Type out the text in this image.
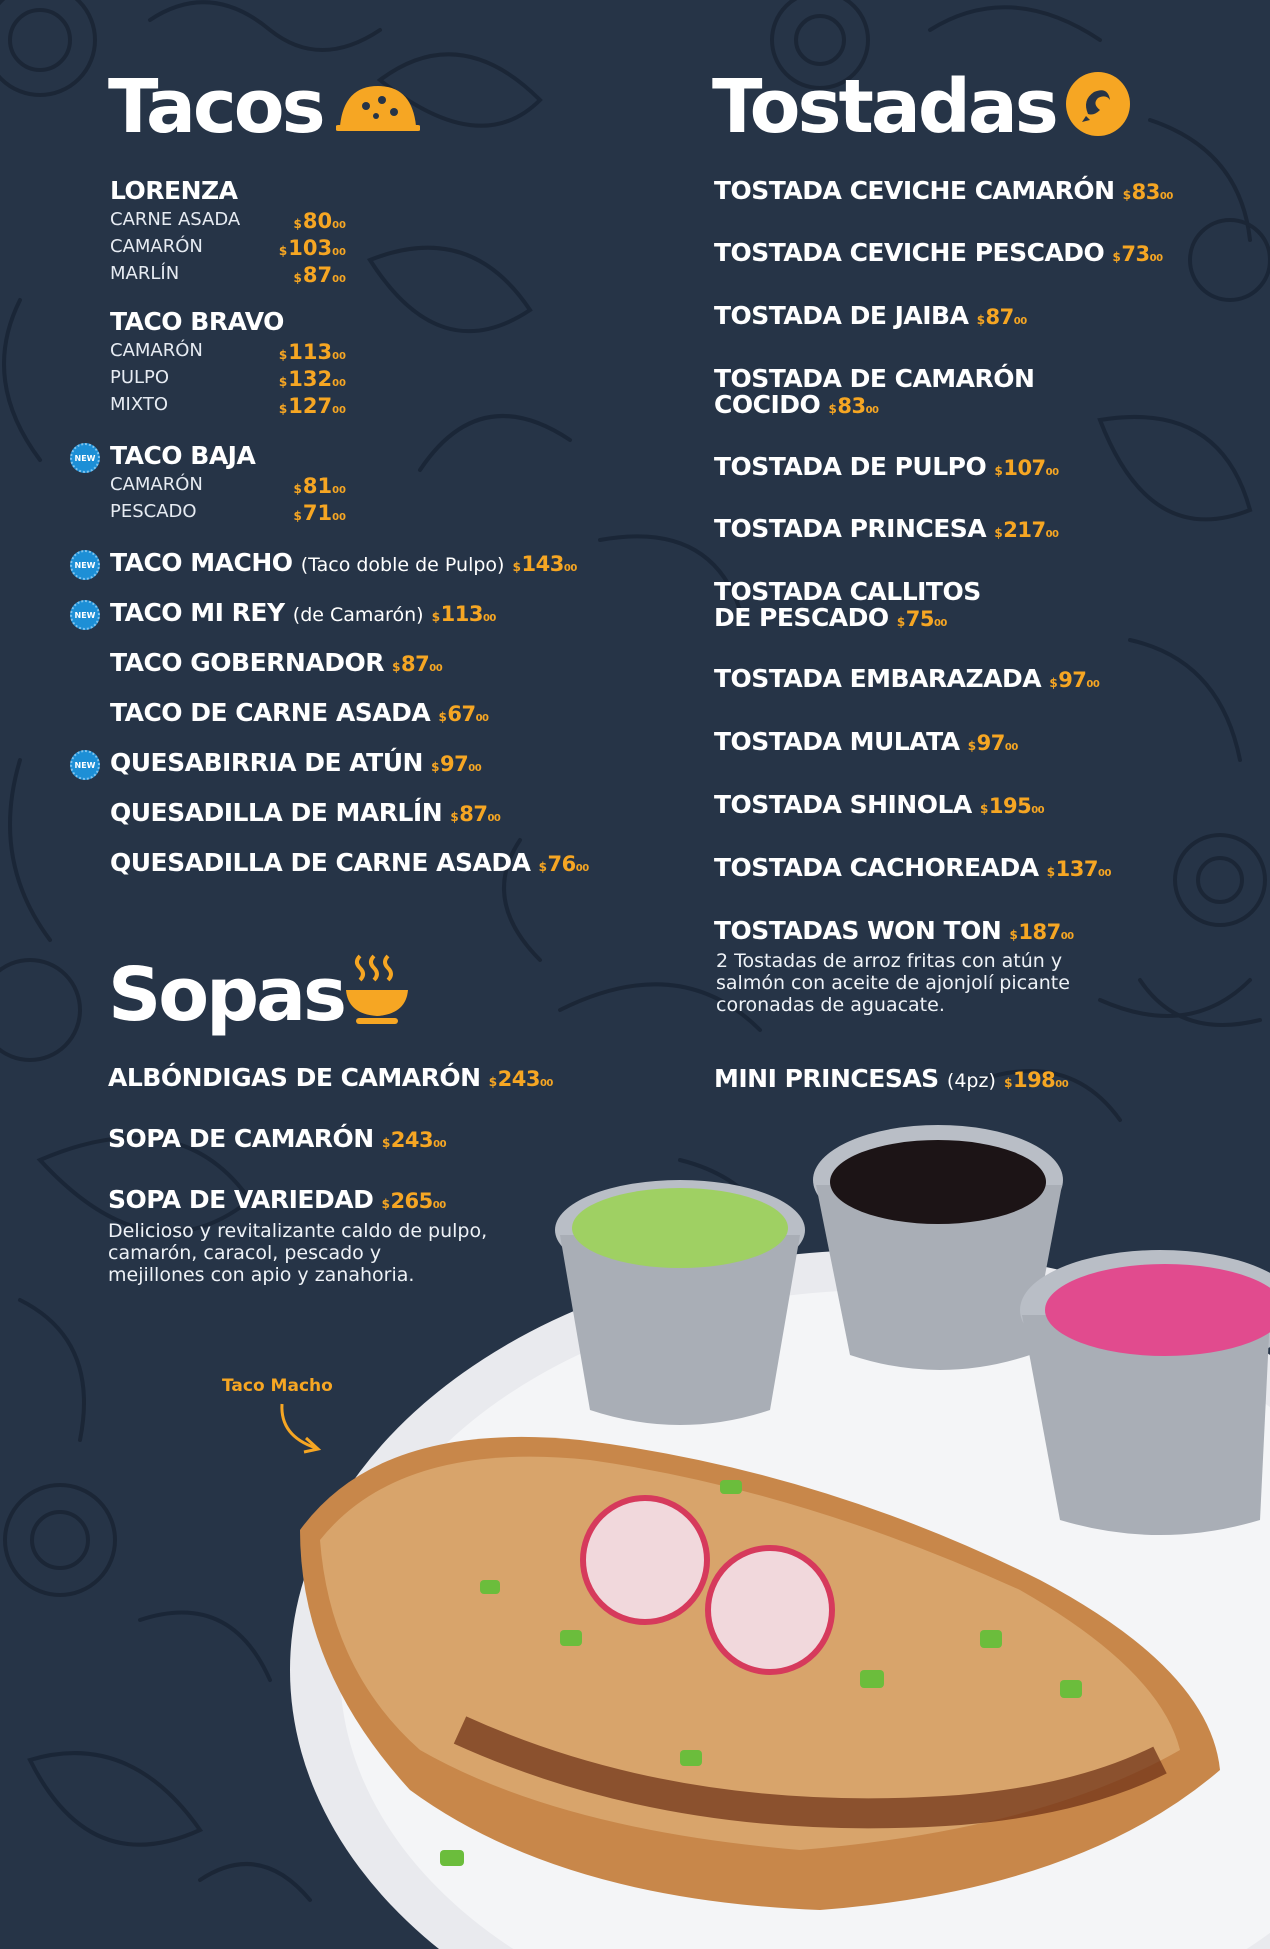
Tacos
LORENZA
CARNE ASADA	$8000
CAMARÓN	$10300
MARLÍN	$8700
TACO BRAVO
CAMARÓN	$11300
PULPO	$13200
MIXTO	$12700
NEW TACO BAJA
CAMARÓN	$8100
PESCADO	$7100
NEW TACO MACHO (Taco doble de Pulpo) $14300
NEW TACO MI REY (de Camarón) $11300
TACO GOBERNADOR $8700
TACO DE CARNE ASADA $6700
NEW QUESABIRRIA DE ATÚN $9700
QUESADILLA DE MARLÍN $8700
QUESADILLA DE CARNE ASADA $7600
Sopas
ALBÓNDIGAS DE CAMARÓN $24300
SOPA DE CAMARÓN $24300
SOPA DE VARIEDAD $26500
Delicioso y revitalizante caldo de pulpo,
camarón, caracol, pescado y
mejillones con apio y zanahoria.
Tostadas
TOSTADA CEVICHE CAMARÓN $8300
TOSTADA CEVICHE PESCADO $7300
TOSTADA DE JAIBA $8700
TOSTADA DE CAMARÓN
COCIDO $8300
TOSTADA DE PULPO $10700
TOSTADA PRINCESA $21700
TOSTADA CALLITOS
DE PESCADO $7500
TOSTADA EMBARAZADA $9700
TOSTADA MULATA $9700
TOSTADA SHINOLA $19500
TOSTADA CACHOREADA $13700
TOSTADAS WON TON $18700
2 Tostadas de arroz fritas con atún y
salmón con aceite de ajonjolí picante
coronadas de aguacate.
MINI PRINCESAS (4pz) $19800
Taco Macho
